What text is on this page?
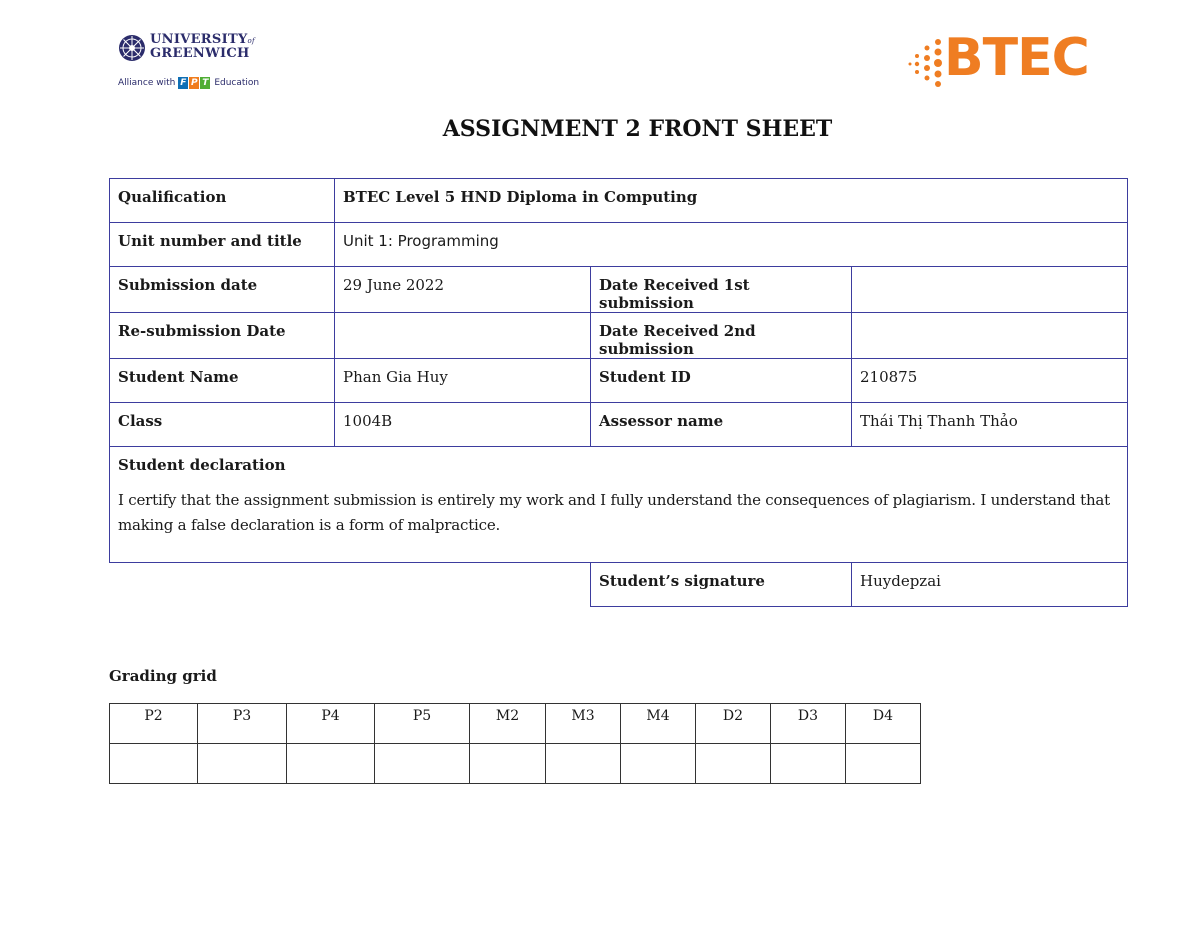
UNIVERSITYof
GREENWICH
Alliance with F P T Education	BTEC
ASSIGNMENT 2 FRONT SHEET
Qualification	BTEC Level 5 HND Diploma in Computing		
Unit number and title	Unit 1: Programming		
Submission date	29 June 2022	Date Received 1st submission	
Re-submission Date		Date Received 2nd submission	
Student Name	Phan Gia Huy	Student ID	210875
Class	1004B	Assessor name	Thái Thị Thanh Thảo

Student declaration
I certify that the assignment submission is entirely my work and I fully understand the consequences of plagiarism. I understand that making a false declaration is a form of malpractice.			

		Student’s signature	Huydepzai
Grading grid
P2	P3	P4	P5	M2	M3	M4	D2	D3	D4
